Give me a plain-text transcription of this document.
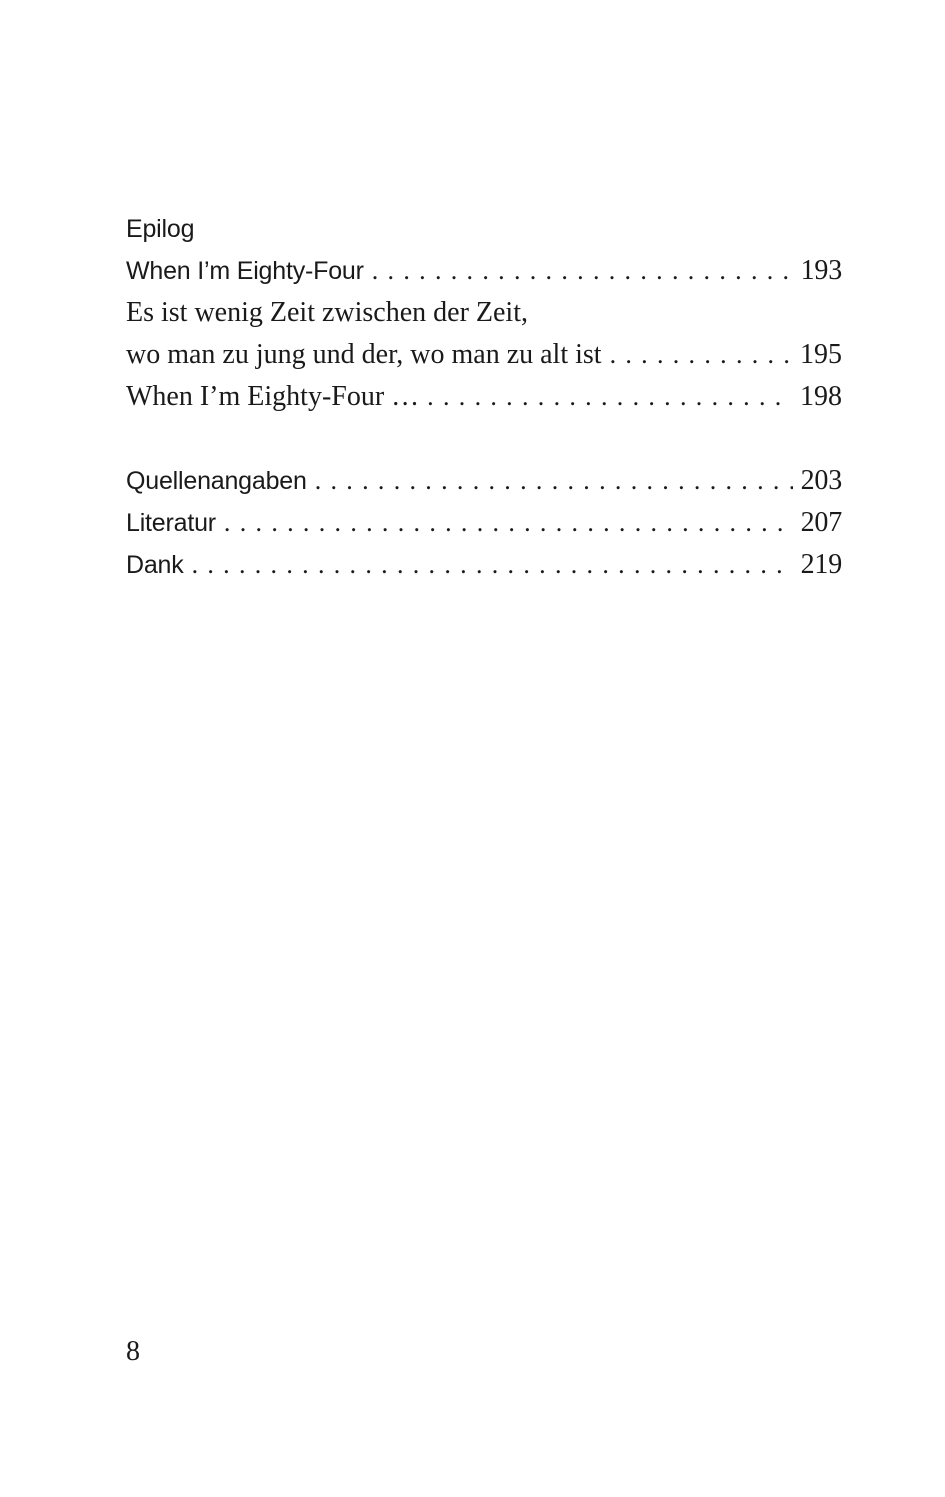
Epilog
When I’m Eighty-Four . . .	193
Es ist wenig Zeit zwischen der Zeit,
wo man zu jung und der, wo man zu alt ist . . .	195
When I’m Eighty-Four … . . .	198
Quellenangaben . . .	203
Literatur . . .	207
Dank . . .	219
8
